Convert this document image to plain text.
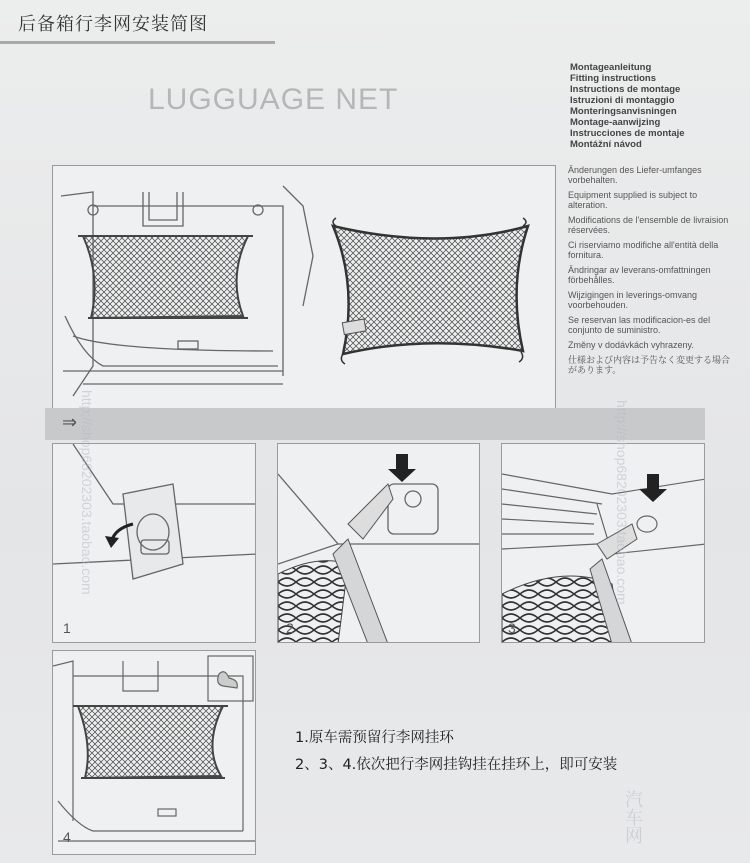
后备箱行李网安装简图
LUGGUAGE NET
Montageanleitung
Fitting instructions
Instructions de montage
Istruzioni di montaggio
Monteringsanvisningen
Montage-aanwijzing
Instrucciones de montaje
Montážní návod

Änderungen des Liefer-umfanges vorbehalten.

Equipment supplied is subject to alteration.

Modifications de l'ensemble de livraision réservées.

Ci riserviamo modifiche all'entità della fornitura.

Ändringar av leverans-omfattningen förbehålles.

Wijzigingen in leverings-omvang voorbehouden.

Se reservan las modificacion-es del conjunto de suministro.

Změny v dodávkách vyhrazeny.

仕様および内容は予告なく変更する場合があります。

⇒
1	2	3
4
1.原车需预留行李网挂环
2、3、4.依次把行李网挂钩挂在挂环上，即可安装
http://shop68202303.taobao.com	http://shop68202303.taobao.com
汽车网
